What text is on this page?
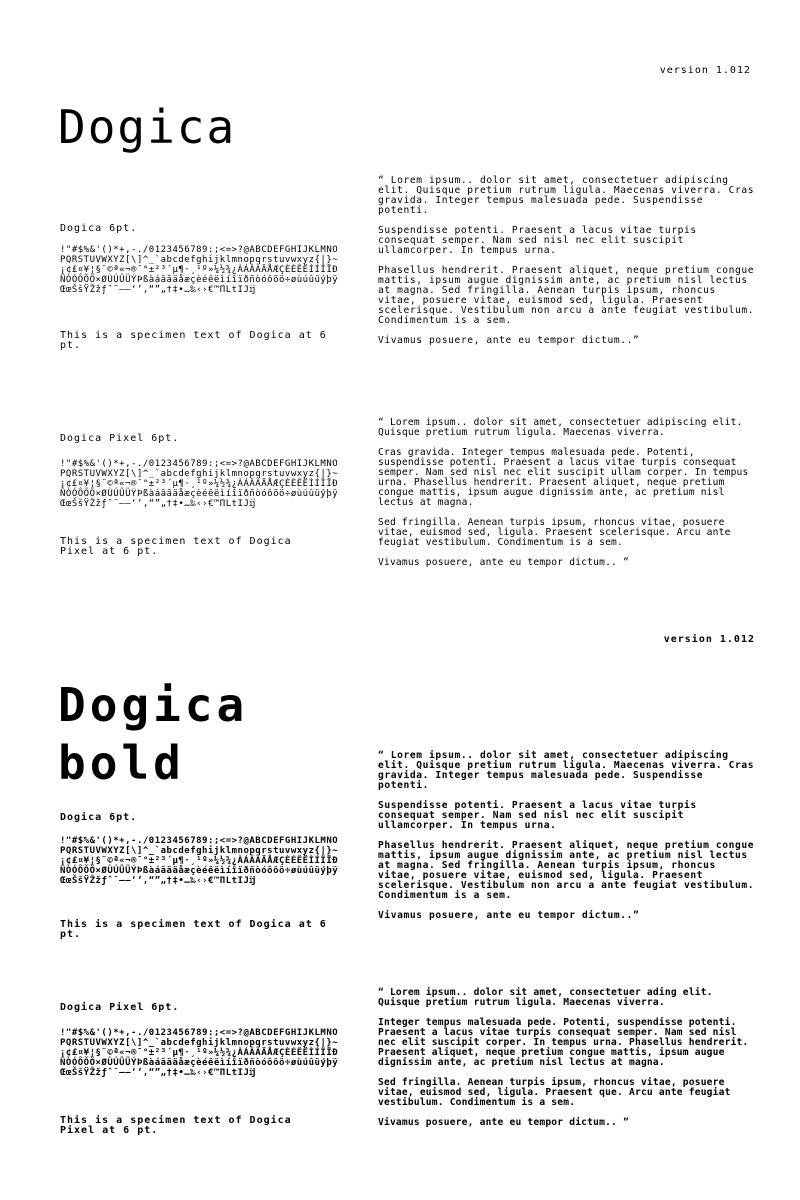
version 1.012
Dogica
Dogica 6pt.
!"#$%&'()*+,-./0123456789:;<=>?@ABCDEFGHIJKLMNOPQRSTUVWXYZ[\]^_`abcdefghijklmnopqrstuvwxyz{|}~ ¡¢£¤¥¦§¨©ª«¬®¯°±²³´µ¶·¸¹º»¼½¾¿ÀÁÂÃÄÅÆÇÈÉÊËÌÍÎÏÐÑÒÓÔÕÖ×ØÙÚÛÜÝÞßàáâãäåæçèéêëìíîïðñòóôõö÷øùúûüýþÿŒœŠšŸŽžƒˆ˜–—‘’‚“”„†‡•…‰‹›€™ΠLtIJĳ
This is a specimen text of Dogica at 6 pt.

“ Lorem ipsum.. dolor sit amet, consectetuer adipiscing elit. Quisque pretium rutrum ligula. Maecenas viverra. Cras gravida. Integer tempus malesuada pede. Suspendisse potenti.

Suspendisse potenti. Praesent a lacus vitae turpis consequat semper. Nam sed nisl nec elit suscipit ullamcorper. In tempus urna.

Phasellus hendrerit. Praesent aliquet, neque pretium congue mattis, ipsum augue dignissim ante, ac pretium nisl lectus at magna. Sed fringilla. Aenean turpis ipsum, rhoncus vitae, posuere vitae, euismod sed, ligula. Praesent scelerisque. Vestibulum non arcu a ante feugiat vestibulum. Condimentum is a sem.

Vivamus posuere, ante eu tempor dictum..”

Dogica Pixel 6pt.
!"#$%&'()*+,-./0123456789:;<=>?@ABCDEFGHIJKLMNOPQRSTUVWXYZ[\]^_`abcdefghijklmnopqrstuvwxyz{|}~ ¡¢£¤¥¦§¨©ª«¬®¯°±²³´µ¶·¸¹º»¼½¾¿ÀÁÂÃÄÅÆÇÈÉÊËÌÍÎÏÐÑÒÓÔÕÖ×ØÙÚÛÜÝÞßàáâãäåæçèéêëìíîïðñòóôõö÷øùúûüýþÿŒœŠšŸŽžƒˆ˜–—‘’‚“”„†‡•…‰‹›€™ΠLtIJĳ
This is a specimen text of Dogica Pixel at 6 pt.

“ Lorem ipsum.. dolor sit amet, consectetuer adipiscing elit. Quisque pretium rutrum ligula. Maecenas viverra.

Cras gravida. Integer tempus malesuada pede. Potenti, suspendisse potenti. Praesent a lacus vitae turpis consequat semper. Nam sed nisl nec elit suscipit ullam corper. In tempus urna. Phasellus hendrerit. Praesent aliquet, neque pretium congue mattis, ipsum augue dignissim ante, ac pretium nisl lectus at magna.

Sed fringilla. Aenean turpis ipsum, rhoncus vitae, posuere vitae, euismod sed, ligula. Praesent scelerisque. Arcu ante feugiat vestibulum. Condimentum is a sem.

Vivamus posuere, ante eu tempor dictum.. ”

version 1.012
Dogica
bold
Dogica 6pt.
!"#$%&'()*+,-./0123456789:;<=>?@ABCDEFGHIJKLMNOPQRSTUVWXYZ[\]^_`abcdefghijklmnopqrstuvwxyz{|}~ ¡¢£¤¥¦§¨©ª«¬®¯°±²³´µ¶·¸¹º»¼½¾¿ÀÁÂÃÄÅÆÇÈÉÊËÌÍÎÏÐÑÒÓÔÕÖ×ØÙÚÛÜÝÞßàáâãäåæçèéêëìíîïðñòóôõö÷øùúûüýþÿŒœŠšŸŽžƒˆ˜–—‘’‚“”„†‡•…‰‹›€™ΠLtIJĳ
This is a specimen text of Dogica at 6 pt.

“ Lorem ipsum.. dolor sit amet, consectetuer adipiscing elit. Quisque pretium rutrum ligula. Maecenas viverra. Cras gravida. Integer tempus malesuada pede. Suspendisse potenti.

Suspendisse potenti. Praesent a lacus vitae turpis consequat semper. Nam sed nisl nec elit suscipit ullamcorper. In tempus urna.

Phasellus hendrerit. Praesent aliquet, neque pretium congue mattis, ipsum augue dignissim ante, ac pretium nisl lectus at magna. Sed fringilla. Aenean turpis ipsum, rhoncus vitae, posuere vitae, euismod sed, ligula. Praesent scelerisque. Vestibulum non arcu a ante feugiat vestibulum. Condimentum is a sem.

Vivamus posuere, ante eu tempor dictum..”

Dogica Pixel 6pt.
!"#$%&'()*+,-./0123456789:;<=>?@ABCDEFGHIJKLMNOPQRSTUVWXYZ[\]^_`abcdefghijklmnopqrstuvwxyz{|}~ ¡¢£¤¥¦§¨©ª«¬®¯°±²³´µ¶·¸¹º»¼½¾¿ÀÁÂÃÄÅÆÇÈÉÊËÌÍÎÏÐÑÒÓÔÕÖ×ØÙÚÛÜÝÞßàáâãäåæçèéêëìíîïðñòóôõö÷øùúûüýþÿŒœŠšŸŽžƒˆ˜–—‘’‚“”„†‡•…‰‹›€™ΠLtIJĳ
This is a specimen text of Dogica Pixel at 6 pt.

“ Lorem ipsum.. dolor sit amet, consectetuer ading elit. Quisque pretium rutrum ligula. Maecenas viverra.

Integer tempus malesuada pede. Potenti, suspendisse potenti. Praesent a lacus vitae turpis consequat semper. Nam sed nisl nec elit suscipit corper. In tempus urna. Phasellus hendrerit. Praesent aliquet, neque pretium congue mattis, ipsum augue dignissim ante, ac pretium nisl lectus at magna.

Sed fringilla. Aenean turpis ipsum, rhoncus vitae, posuere vitae, euismod sed, ligula. Praesent que. Arcu ante feugiat vestibulum. Condimentum is a sem.

Vivamus posuere, ante eu tempor dictum.. ”
